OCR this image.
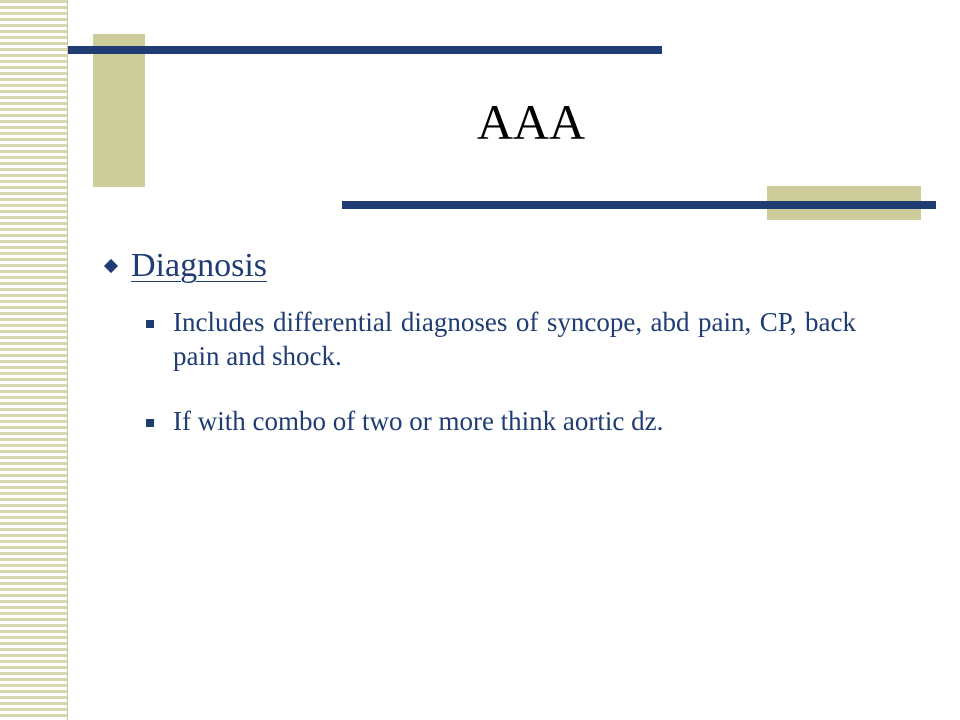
AAA
Diagnosis
Includes differential diagnoses of syncope, abd pain, CP, back pain and shock.
If with combo of two or more think aortic dz.
